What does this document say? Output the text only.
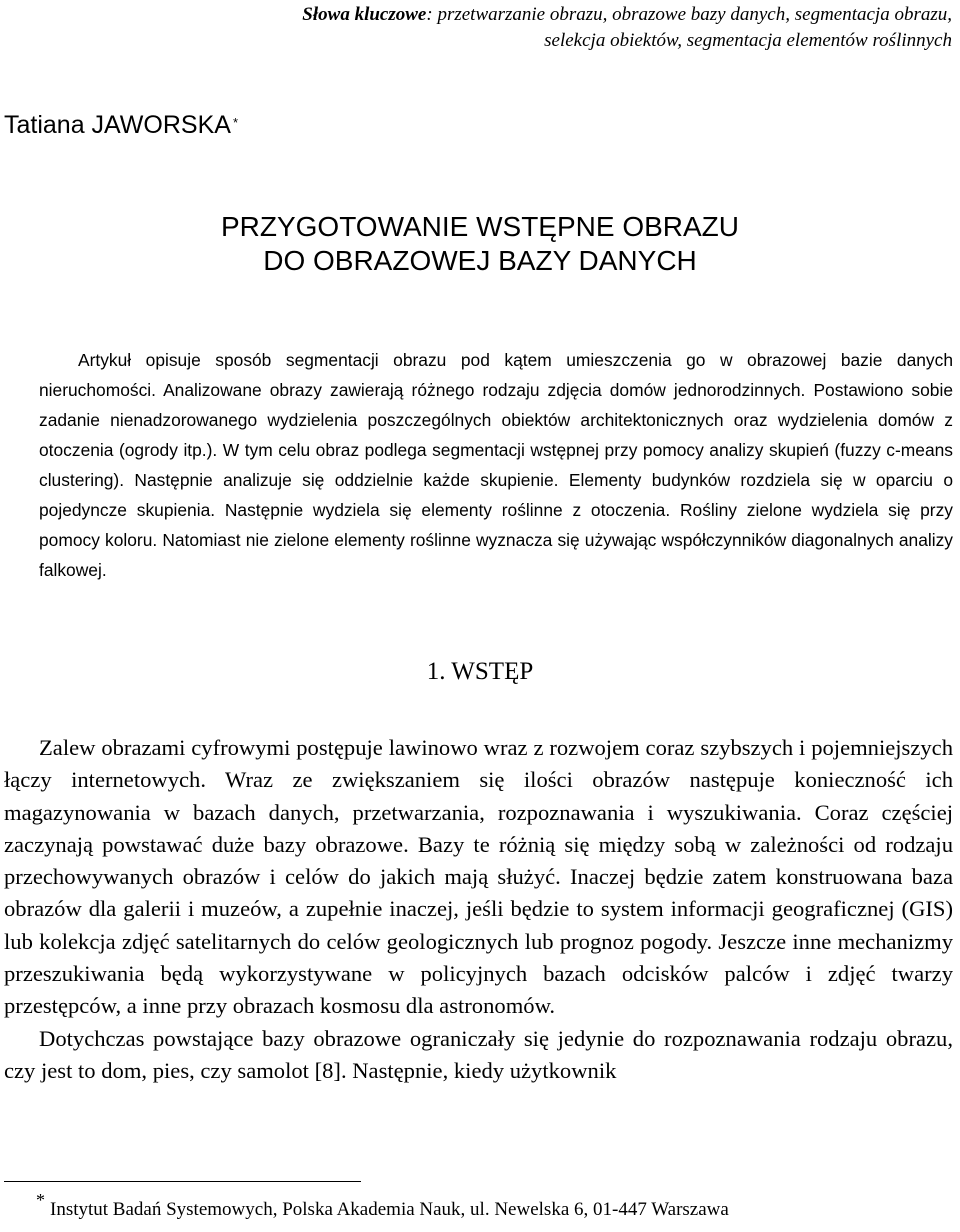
Słowa kluczowe: przetwarzanie obrazu, obrazowe bazy danych, segmentacja obrazu, selekcja obiektów, segmentacja elementów roślinnych
Tatiana JAWORSKA *
PRZYGOTOWANIE WSTĘPNE OBRAZU
DO OBRAZOWEJ BAZY DANYCH

Artykuł opisuje sposób segmentacji obrazu pod kątem umieszczenia go w obrazowej bazie danych nieruchomości. Analizowane obrazy zawierają różnego rodzaju zdjęcia domów jednorodzinnych. Postawiono sobie zadanie nienadzorowanego wydzielenia poszczególnych obiektów architektonicznych oraz wydzielenia domów z otoczenia (ogrody itp.). W tym celu obraz podlega segmentacji wstępnej przy pomocy analizy skupień (fuzzy c-means clustering). Następnie analizuje się oddzielnie każde skupienie. Elementy budynków rozdziela się w oparciu o pojedyncze skupienia. Następnie wydziela się elementy roślinne z otoczenia. Rośliny zielone wydziela się przy pomocy koloru. Natomiast nie zielone elementy roślinne wyznacza się używając współczynników diagonalnych analizy falkowej.

1. WSTĘP

Zalew obrazami cyfrowymi postępuje lawinowo wraz z rozwojem coraz szybszych i pojemniejszych łączy internetowych. Wraz ze zwiększaniem się ilości obrazów następuje konieczność ich magazynowania w bazach danych, przetwarzania, rozpoznawania i wyszukiwania. Coraz częściej zaczynają powstawać duże bazy obrazowe. Bazy te różnią się między sobą w zależności od rodzaju przechowywanych obrazów i celów do jakich mają służyć. Inaczej będzie zatem konstruowana baza obrazów dla galerii i muzeów, a zupełnie inaczej, jeśli będzie to system informacji geograficznej (GIS) lub kolekcja zdjęć satelitarnych do celów geologicznych lub prognoz pogody. Jeszcze inne mechanizmy przeszukiwania będą wykorzystywane w policyjnych bazach odcisków palców i zdjęć twarzy przestępców, a inne przy obrazach kosmosu dla astronomów.

Dotychczas powstające bazy obrazowe ograniczały się jedynie do rozpoznawania rodzaju obrazu, czy jest to dom, pies, czy samolot [8]. Następnie, kiedy użytkownik

* Instytut Badań Systemowych, Polska Akademia Nauk, ul. Newelska 6, 01-447 Warszawa
